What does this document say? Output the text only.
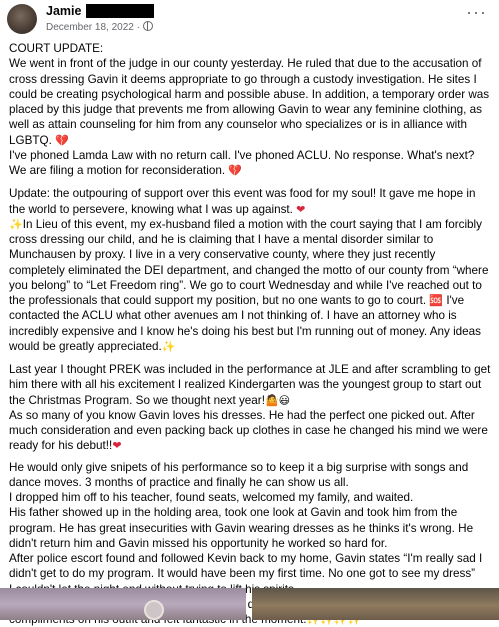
Jamie
December 18, 2022 ·
···

COURT UPDATE:

We went in front of the judge in our county yesterday. He ruled that due to the accusation of cross dressing Gavin it deems appropriate to go through a custody investigation. He sites I could be creating psychological harm and possible abuse. In addition, a temporary order was placed by this judge that prevents me from allowing Gavin to wear any feminine clothing, as well as attain counseling for him from any counselor who specializes or is in alliance with LGBTQ. 💔

I've phoned Lamda Law with no return call. I've phoned ACLU. No response. What's next?

We are filing a motion for reconsideration. 💔

Update: the outpouring of support over this event was food for my soul! It gave me hope in the world to persevere, knowing what I was up against. ❤

✨In Lieu of this event, my ex-husband filed a motion with the court saying that I am forcibly cross dressing our child, and he is claiming that I have a mental disorder similar to Munchausen by proxy. I live in a very conservative county, where they just recently completely eliminated the DEI department, and changed the motto of our county from “where you belong” to “Let Freedom ring”. We go to court Wednesday and while I've reached out to the professionals that could support my position, but no one wants to go to court. 🆘 I've contacted the ACLU what other avenues am I not thinking of. I have an attorney who is incredibly expensive and I know he's doing his best but I'm running out of money. Any ideas would be greatly appreciated.✨

Last year I thought PREK was included in the performance at JLE and after scrambling to get him there with all his excitement I realized Kindergarten was the youngest group to start out the Christmas Program. So we thought next year!🤷😃

As so many of you know Gavin loves his dresses. He had the perfect one picked out. After much consideration and even packing back up clothes in case he changed his mind we were ready for his debut!!❤

He would only give snipets of his performance so to keep it a big surprise with songs and dance moves. 3 months of practice and finally he can show us all.

I dropped him off to his teacher, found seats, welcomed my family, and waited.

His father showed up in the holding area, took one look at Gavin and took him from the program. He has great insecurities with Gavin wearing dresses as he thinks it's wrong. He didn't return him and Gavin missed his opportunity he worked so hard for.

After police escort found and followed Kevin back to my home, Gavin states “I'm really sad I didn't get to do my program. It would have been my first time. No one got to see my dress”

the
